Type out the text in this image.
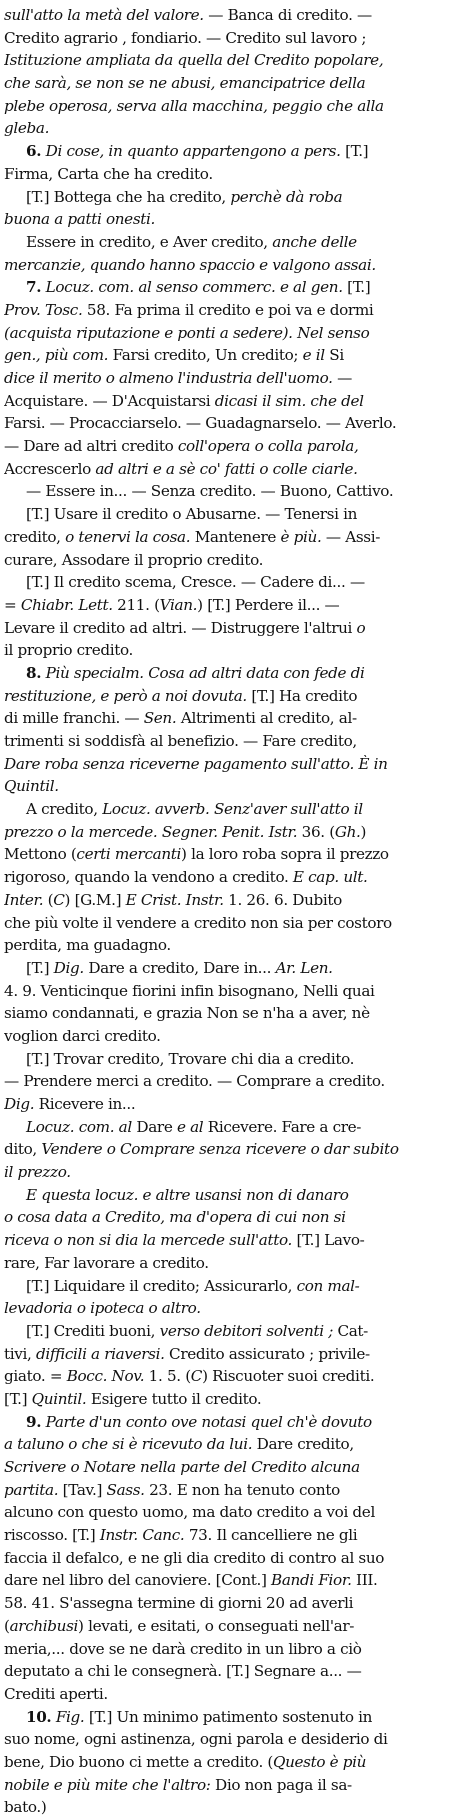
sull'atto la metà del valore. — Banca di credito. —
Credito agrario , fondiario. — Credito sul lavoro ;
Istituzione ampliata da quella del Credito popolare,
che sarà, se non se ne abusi, emancipatrice della
plebe operosa, serva alla macchina, peggio che alla
gleba.
6. Di cose, in quanto appartengono a pers. [T.]
Firma, Carta che ha credito.
[T.] Bottega che ha credito, perchè dà roba
buona a patti onesti.
Essere in credito, e Aver credito, anche delle
mercanzie, quando hanno spaccio e valgono assai.
7. Locuz. com. al senso commerc. e al gen. [T.]
Prov. Tosc. 58. Fa prima il credito e poi va e dormi
(acquista riputazione e ponti a sedere). Nel senso
gen., più com. Farsi credito, Un credito; e il Si
dice il merito o almeno l'industria dell'uomo. —
Acquistare. — D'Acquistarsi dicasi il sim. che del
Farsi. — Procacciarselo. — Guadagnarselo. — Averlo.
— Dare ad altri credito coll'opera o colla parola,
Accrescerlo ad altri e a sè co' fatti o colle ciarle.
— Essere in... — Senza credito. — Buono, Cattivo.
[T.] Usare il credito o Abusarne. — Tenersi in
credito, o tenervi la cosa. Mantenere è più. — Assi-
curare, Assodare il proprio credito.
[T.] Il credito scema, Cresce. — Cadere di... —
= Chiabr. Lett. 211. (Vian.) [T.] Perdere il... —
Levare il credito ad altri. — Distruggere l'altrui o
il proprio credito.
8. Più specialm. Cosa ad altri data con fede di
restituzione, e però a noi dovuta. [T.] Ha credito
di mille franchi. — Sen. Altrimenti al credito, al-
trimenti si soddisfà al benefizio. — Fare credito,
Dare roba senza riceverne pagamento sull'atto. È in
Quintil.
A credito, Locuz. avverb. Senz'aver sull'atto il
prezzo o la mercede. Segner. Penit. Istr. 36. (Gh.)
Mettono (certi mercanti) la loro roba sopra il prezzo
rigoroso, quando la vendono a credito. E cap. ult.
Inter. (C) [G.M.] E Crist. Instr. 1. 26. 6. Dubito
che più volte il vendere a credito non sia per costoro
perdita, ma guadagno.
[T.] Dig. Dare a credito, Dare in... Ar. Len.
4. 9. Venticinque fiorini infin bisognano, Nelli quai
siamo condannati, e grazia Non se n'ha a aver, nè
voglion darci credito.
[T.] Trovar credito, Trovare chi dia a credito.
— Prendere merci a credito. — Comprare a credito.
Dig. Ricevere in...
Locuz. com. al Dare e al Ricevere. Fare a cre-
dito, Vendere o Comprare senza ricevere o dar subito
il prezzo.
E questa locuz. e altre usansi non di danaro
o cosa data a Credito, ma d'opera di cui non si
riceva o non si dia la mercede sull'atto. [T.] Lavo-
rare, Far lavorare a credito.
[T.] Liquidare il credito; Assicurarlo, con mal-
levadoria o ipoteca o altro.
[T.] Crediti buoni, verso debitori solventi ; Cat-
tivi, difficili a riaversi. Credito assicurato ; privile-
giato. = Bocc. Nov. 1. 5. (C) Riscuoter suoi crediti.
[T.] Quintil. Esigere tutto il credito.
9. Parte d'un conto ove notasi quel ch'è dovuto
a taluno o che si è ricevuto da lui. Dare credito,
Scrivere o Notare nella parte del Credito alcuna
partita. [Tav.] Sass. 23. E non ha tenuto conto
alcuno con questo uomo, ma dato credito a voi del
riscosso. [T.] Instr. Canc. 73. Il cancelliere ne gli
faccia il defalco, e ne gli dia credito di contro al suo
dare nel libro del canoviere. [Cont.] Bandi Fior. III.
58. 41. S'assegna termine di giorni 20 ad averli
(archibusi) levati, e esitati, o conseguati nell'ar-
meria,... dove se ne darà credito in un libro a ciò
deputato a chi le consegnerà. [T.] Segnare a... —
Crediti aperti.
10. Fig. [T.] Un minimo patimento sostenuto in
suo nome, ogni astinenza, ogni parola e desiderio di
bene, Dio buono ci mette a credito. (Questo è più
nobile e più mite che l'altro: Dio non paga il sa-
bato.)
